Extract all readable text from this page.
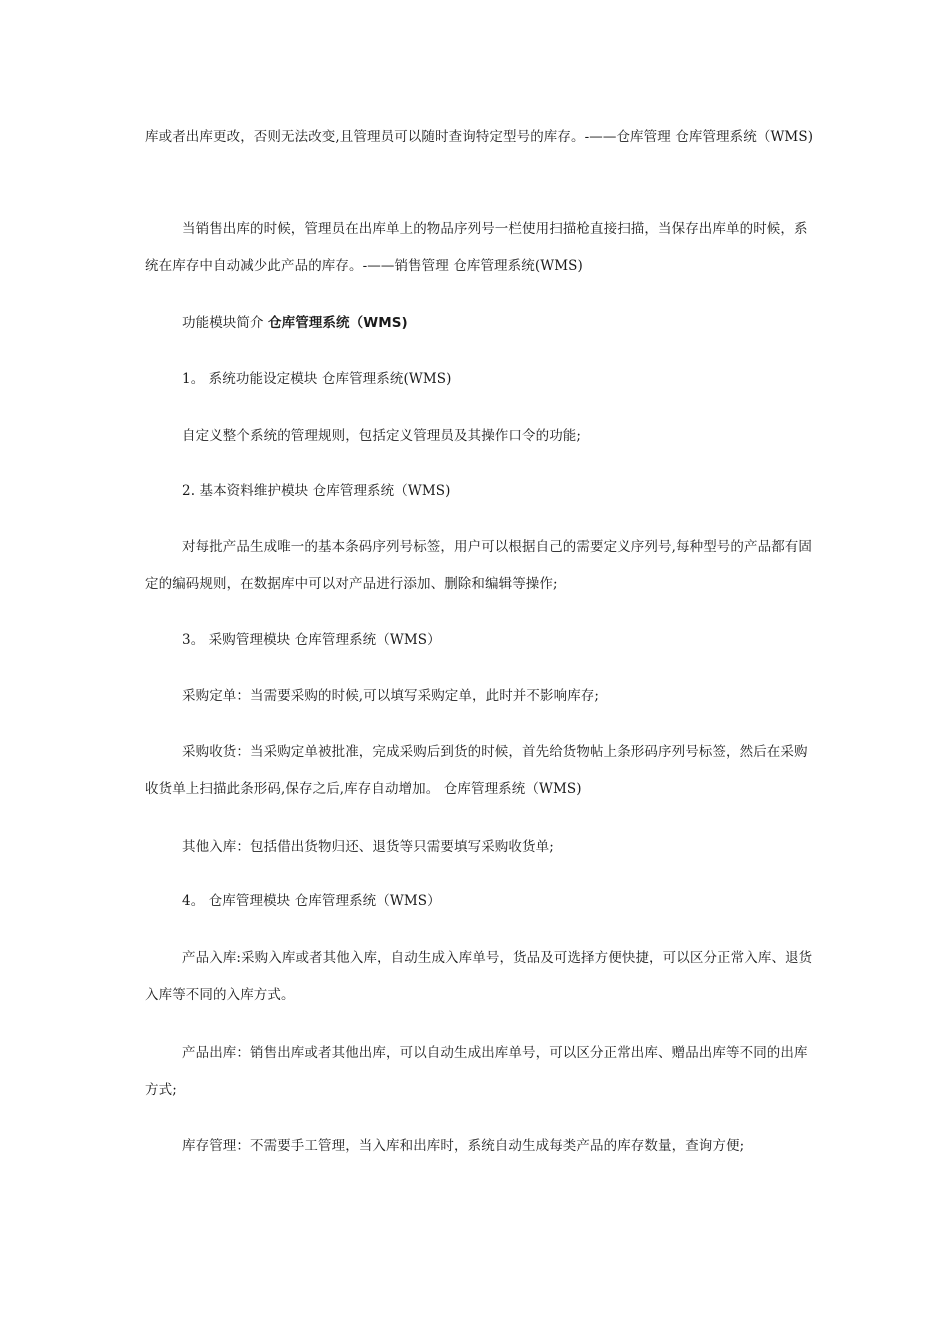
库或者出库更改，否则无法改变,且管理员可以随时查询特定型号的库存。-——仓库管理 仓库管理系统（WMS)

当销售出库的时候，管理员在出库单上的物品序列号一栏使用扫描枪直接扫描，当保存出库单的时候，系统在库存中自动减少此产品的库存。-——销售管理 仓库管理系统(WMS)

功能模块简介 仓库管理系统（WMS)

1。 系统功能设定模块 仓库管理系统(WMS)

自定义整个系统的管理规则，包括定义管理员及其操作口令的功能;

2. 基本资料维护模块 仓库管理系统（WMS)

对每批产品生成唯一的基本条码序列号标签，用户可以根据自己的需要定义序列号,每种型号的产品都有固定的编码规则，在数据库中可以对产品进行添加、删除和编辑等操作;

3。 采购管理模块 仓库管理系统（WMS）

采购定单：当需要采购的时候,可以填写采购定单，此时并不影响库存;

采购收货：当采购定单被批准，完成采购后到货的时候，首先给货物帖上条形码序列号标签，然后在采购收货单上扫描此条形码,保存之后,库存自动增加。 仓库管理系统（WMS)

其他入库：包括借出货物归还、退货等只需要填写采购收货单;

4。 仓库管理模块 仓库管理系统（WMS）

产品入库:采购入库或者其他入库，自动生成入库单号，货品及可选择方便快捷，可以区分正常入库、退货入库等不同的入库方式。

产品出库：销售出库或者其他出库，可以自动生成出库单号，可以区分正常出库、赠品出库等不同的出库方式;

库存管理：不需要手工管理，当入库和出库时，系统自动生成每类产品的库存数量，查询方便;
